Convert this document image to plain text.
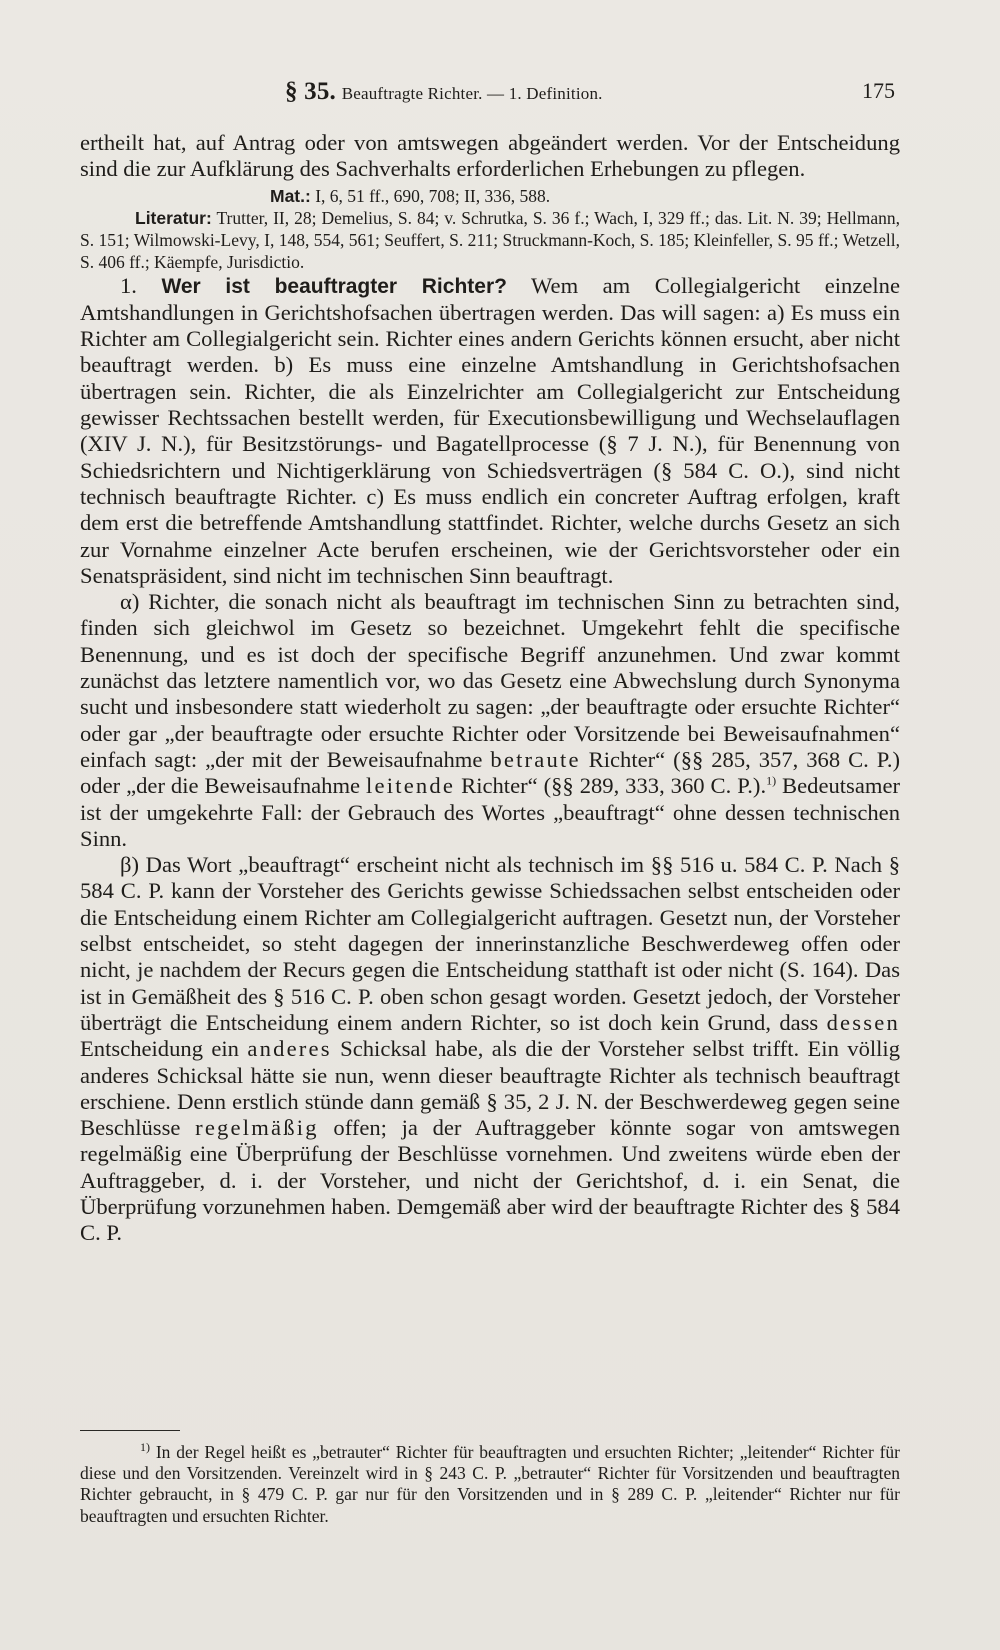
§ 35. Beauftragte Richter. — 1. Definition.	175

ertheilt hat, auf Antrag oder von amtswegen abgeändert werden. Vor der Entscheidung sind die zur Aufklärung des Sachverhalts erforderlichen Erhebungen zu pflegen.

Mat.: I, 6, 51 ff., 690, 708; II, 336, 588.

Literatur: Trutter, II, 28; Demelius, S. 84; v. Schrutka, S. 36 f.; Wach, I, 329 ff.; das. Lit. N. 39; Hellmann, S. 151; Wilmowski-Levy, I, 148, 554, 561; Seuffert, S. 211; Struckmann-Koch, S. 185; Kleinfeller, S. 95 ff.; Wetzell, S. 406 ff.; Käempfe, Jurisdictio.

1. Wer ist beauftragter Richter? Wem am Collegialgericht einzelne Amtshandlungen in Gerichtshofsachen übertragen werden. Das will sagen: a) Es muss ein Richter am Collegialgericht sein. Richter eines andern Gerichts können ersucht, aber nicht beauftragt werden. b) Es muss eine einzelne Amtshandlung in Gerichtshofsachen übertragen sein. Richter, die als Einzelrichter am Collegialgericht zur Entscheidung gewisser Rechtssachen bestellt werden, für Executionsbewilligung und Wechselauflagen (XIV J. N.), für Besitzstörungs- und Bagatellprocesse (§ 7 J. N.), für Benennung von Schiedsrichtern und Nichtigerklärung von Schiedsverträgen (§ 584 C. O.), sind nicht technisch beauftragte Richter. c) Es muss endlich ein concreter Auftrag erfolgen, kraft dem erst die betreffende Amtshandlung stattfindet. Richter, welche durchs Gesetz an sich zur Vornahme einzelner Acte berufen erscheinen, wie der Gerichtsvorsteher oder ein Senatspräsident, sind nicht im technischen Sinn beauftragt.

α) Richter, die sonach nicht als beauftragt im technischen Sinn zu betrachten sind, finden sich gleichwol im Gesetz so bezeichnet. Umgekehrt fehlt die specifische Benennung, und es ist doch der specifische Begriff anzunehmen. Und zwar kommt zunächst das letztere namentlich vor, wo das Gesetz eine Abwechslung durch Synonyma sucht und insbesondere statt wiederholt zu sagen: „der beauftragte oder ersuchte Richter“ oder gar „der beauftragte oder ersuchte Richter oder Vorsitzende bei Beweisaufnahmen“ einfach sagt: „der mit der Beweisaufnahme betraute Richter“ (§§ 285, 357, 368 C. P.) oder „der die Beweisaufnahme leitende Richter“ (§§ 289, 333, 360 C. P.).$^{1)}$ Bedeutsamer ist der umgekehrte Fall: der Gebrauch des Wortes „beauftragt“ ohne dessen technischen Sinn.

β) Das Wort „beauftragt“ erscheint nicht als technisch im §§ 516 u. 584 C. P. Nach § 584 C. P. kann der Vorsteher des Gerichts gewisse Schiedssachen selbst entscheiden oder die Entscheidung einem Richter am Collegialgericht auftragen. Gesetzt nun, der Vorsteher selbst entscheidet, so steht dagegen der innerinstanzliche Beschwerdeweg offen oder nicht, je nachdem der Recurs gegen die Entscheidung statthaft ist oder nicht (S. 164). Das ist in Gemäßheit des § 516 C. P. oben schon gesagt worden. Gesetzt jedoch, der Vorsteher überträgt die Entscheidung einem andern Richter, so ist doch kein Grund, dass dessen Entscheidung ein anderes Schicksal habe, als die der Vorsteher selbst trifft. Ein völlig anderes Schicksal hätte sie nun, wenn dieser beauftragte Richter als technisch beauftragt erschiene. Denn erstlich stünde dann gemäß § 35, 2 J. N. der Beschwerdeweg gegen seine Beschlüsse regelmäßig offen; ja der Auftraggeber könnte sogar von amtswegen regelmäßig eine Überprüfung der Beschlüsse vornehmen. Und zweitens würde eben der Auftraggeber, d. i. der Vorsteher, und nicht der Gerichtshof, d. i. ein Senat, die Überprüfung vorzunehmen haben. Demgemäß aber wird der beauftragte Richter des § 584 C. P.

$^{1)}$ In der Regel heißt es „betrauter“ Richter für beauftragten und ersuchten Richter; „leitender“ Richter für diese und den Vorsitzenden. Vereinzelt wird in § 243 C. P. „betrauter“ Richter für Vorsitzenden und beauftragten Richter gebraucht, in § 479 C. P. gar nur für den Vorsitzenden und in § 289 C. P. „leitender“ Richter nur für beauftragten und ersuchten Richter.
